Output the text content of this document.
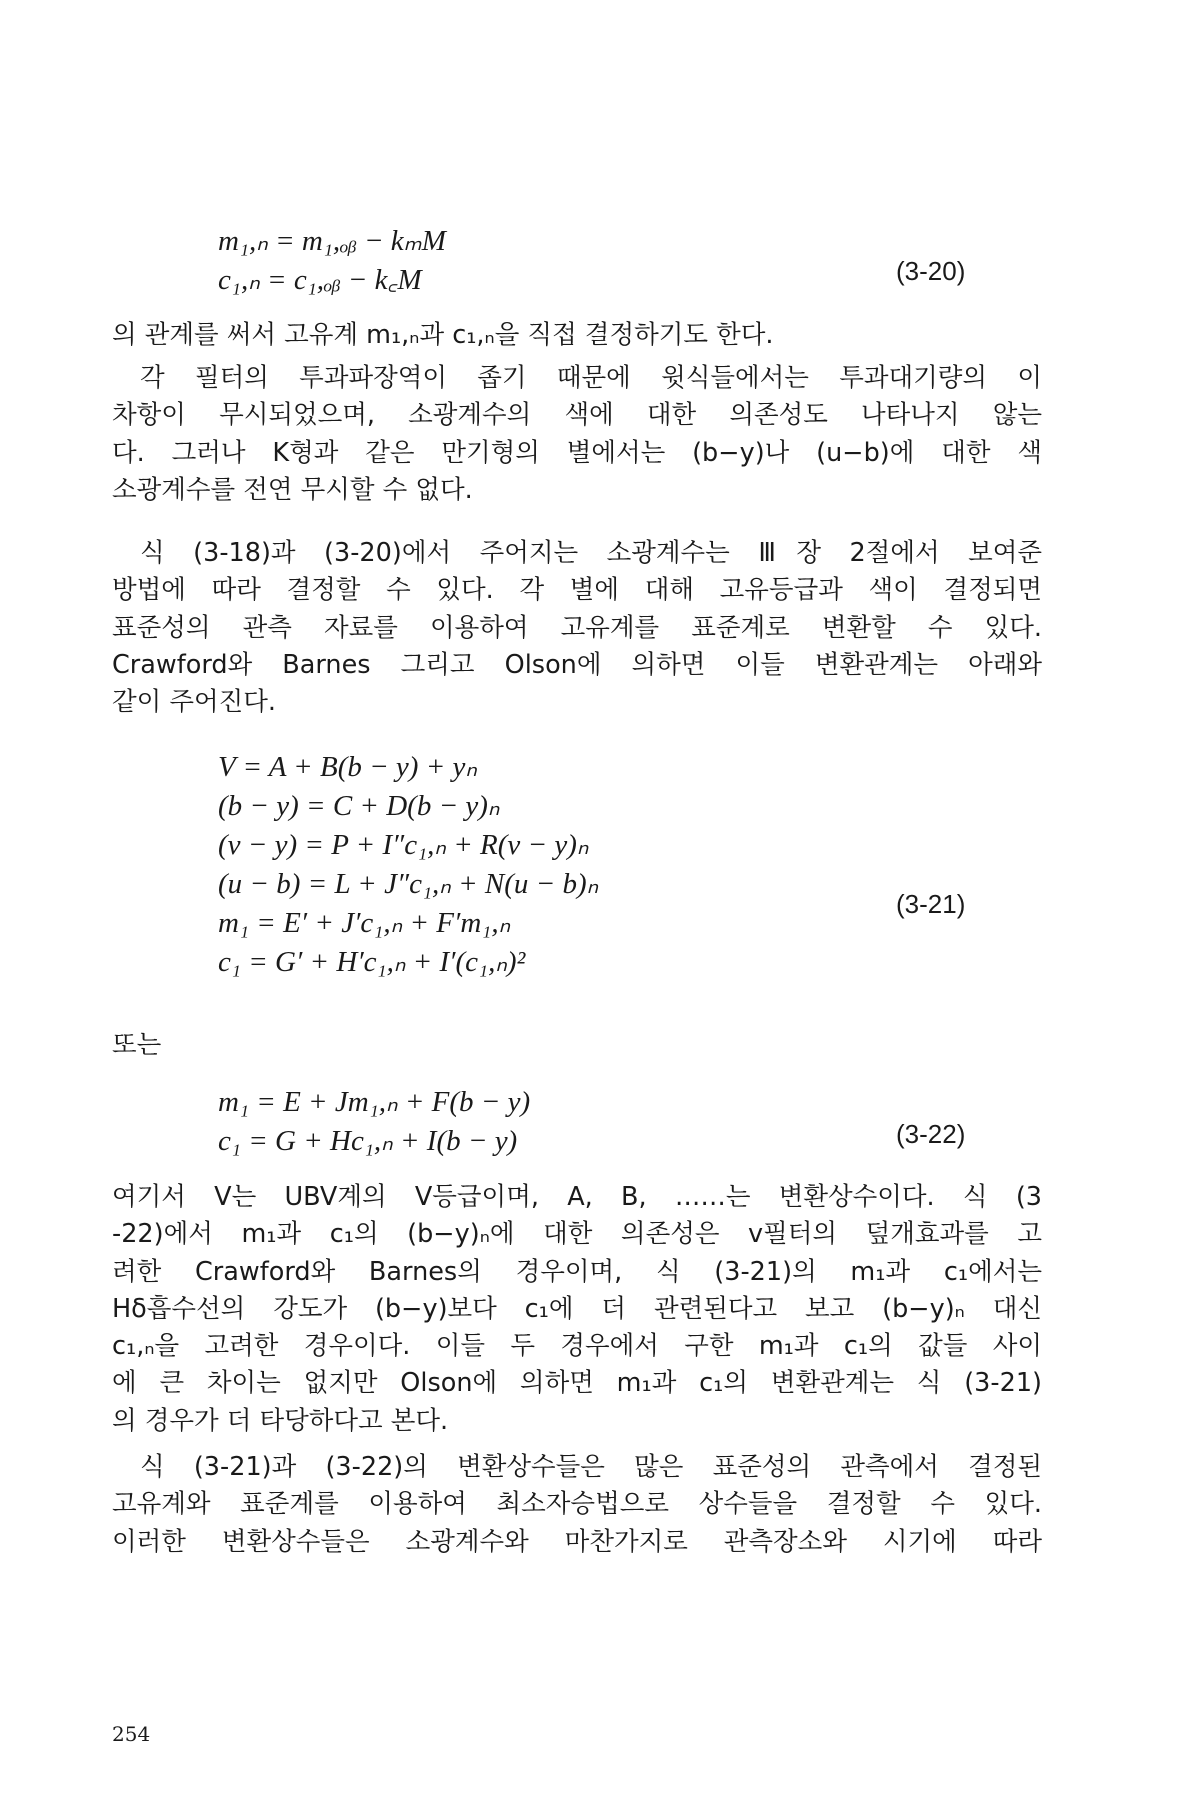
m₁,ₙ = m₁,ₒᵦ − kₘM
c₁,ₙ = c₁,ₒᵦ − k꜀M	(3-20)
의 관계를 써서 고유계 m₁,ₙ과 c₁,ₙ을 직접 결정하기도 한다.
각 필터의 투과파장역이 좁기 때문에 윗식들에서는 투과대기량의 이
차항이 무시되었으며, 소광계수의 색에 대한 의존성도 나타나지 않는
다. 그러나 K형과 같은 만기형의 별에서는 (b−y)나 (u−b)에 대한 색
소광계수를 전연 무시할 수 없다.
식 (3-18)과 (3-20)에서 주어지는 소광계수는 Ⅲ장 2절에서 보여준
방법에 따라 결정할 수 있다. 각 별에 대해 고유등급과 색이 결정되면
표준성의 관측 자료를 이용하여 고유계를 표준계로 변환할 수 있다.
Crawford와 Barnes 그리고 Olson에 의하면 이들 변환관계는 아래와
같이 주어진다.
V = A + B(b − y) + yₙ
(b − y) = C + D(b − y)ₙ
(v − y) = P + I″c₁,ₙ + R(v − y)ₙ
(u − b) = L + J″c₁,ₙ + N(u − b)ₙ
m₁ = E′ + J′c₁,ₙ + F′m₁,ₙ
c₁ = G′ + H′c₁,ₙ + I′(c₁,ₙ)²
(3-21)
또는
m₁ = E + Jm₁,ₙ + F(b − y)
c₁ = G + Hc₁,ₙ + I(b − y)	(3-22)
여기서 V는 UBV계의 V등급이며, A, B, ……는 변환상수이다. 식 (3
-22)에서 m₁과 c₁의 (b−y)ₙ에 대한 의존성은 v필터의 덮개효과를 고
려한 Crawford와 Barnes의 경우이며, 식 (3-21)의 m₁과 c₁에서는
Hδ흡수선의 강도가 (b−y)보다 c₁에 더 관련된다고 보고 (b−y)ₙ 대신
c₁,ₙ을 고려한 경우이다. 이들 두 경우에서 구한 m₁과 c₁의 값들 사이
에 큰 차이는 없지만 Olson에 의하면 m₁과 c₁의 변환관계는 식 (3-21)
의 경우가 더 타당하다고 본다.
식 (3-21)과 (3-22)의 변환상수들은 많은 표준성의 관측에서 결정된
고유계와 표준계를 이용하여 최소자승법으로 상수들을 결정할 수 있다.
이러한 변환상수들은 소광계수와 마찬가지로 관측장소와 시기에 따라
254
